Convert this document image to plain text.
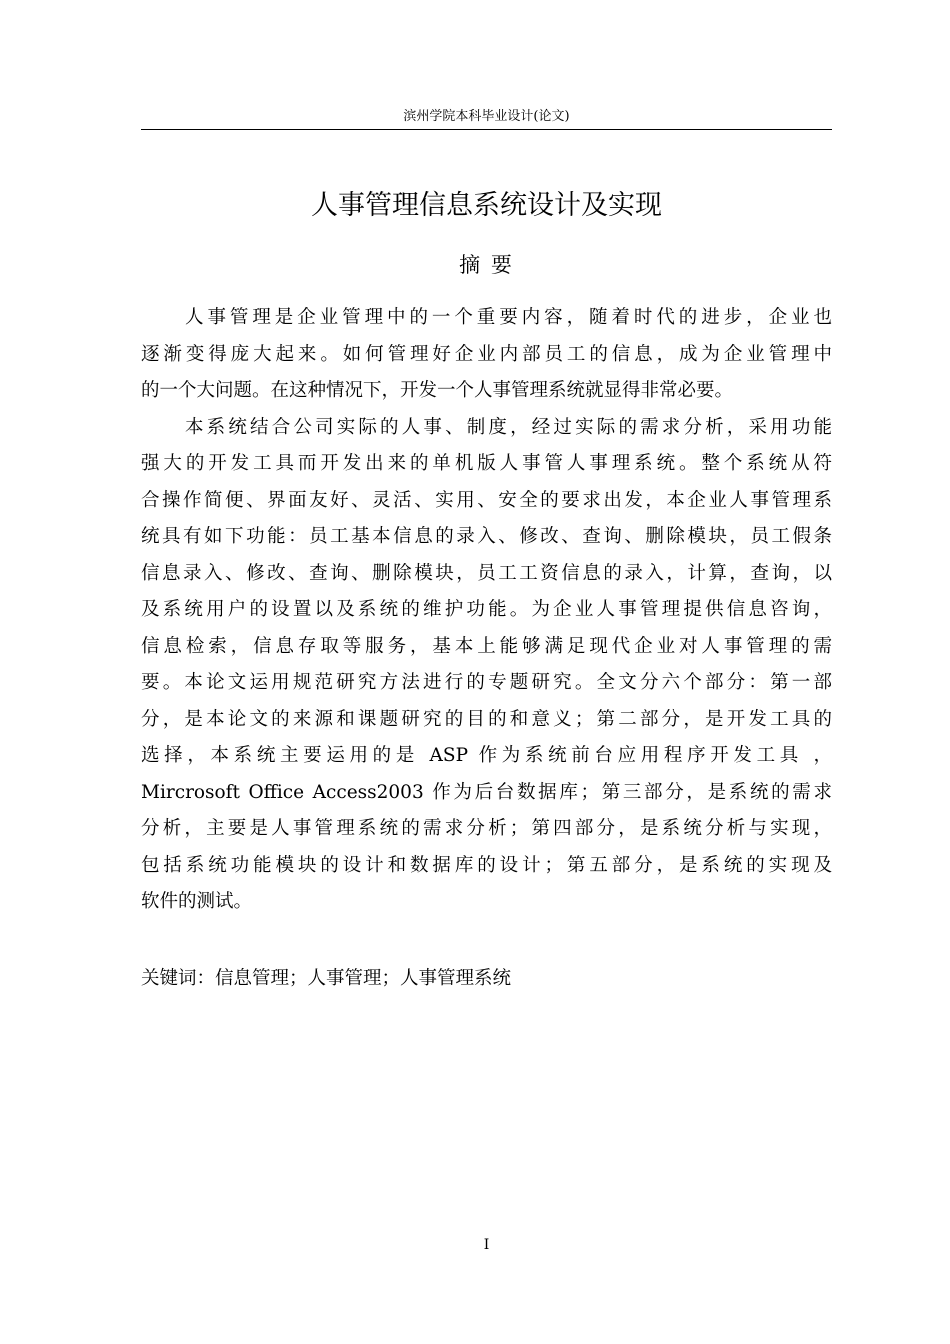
滨州学院本科毕业设计(论文)
人事管理信息系统设计及实现
摘 要
人事管理是企业管理中的一个重要内容，随着时代的进步，企业也
逐渐变得庞大起来。如何管理好企业内部员工的信息，成为企业管理中
的一个大问题。在这种情况下，开发一个人事管理系统就显得非常必要。
本系统结合公司实际的人事、制度，经过实际的需求分析，采用功能
强大的开发工具而开发出来的单机版人事管人事理系统。整个系统从符
合操作简便、界面友好、灵活、实用、安全的要求出发，本企业人事管理系
统具有如下功能：员工基本信息的录入、修改、查询、删除模块，员工假条
信息录入、修改、查询、删除模块，员工工资信息的录入，计算，查询，以
及系统用户的设置以及系统的维护功能。为企业人事管理提供信息咨询，
信息检索，信息存取等服务，基本上能够满足现代企业对人事管理的需
要。本论文运用规范研究方法进行的专题研究。全文分六个部分：第一部
分，是本论文的来源和课题研究的目的和意义；第二部分，是开发工具的
选择，本系统主要运用的是 ASP 作为系统前台应用程序开发工具 ，
Mircrosoft Office Access2003 作为后台数据库；第三部分，是系统的需求
分析，主要是人事管理系统的需求分析；第四部分，是系统分析与实现，
包括系统功能模块的设计和数据库的设计；第五部分，是系统的实现及
软件的测试。
关键词：信息管理；人事管理；人事管理系统
I
